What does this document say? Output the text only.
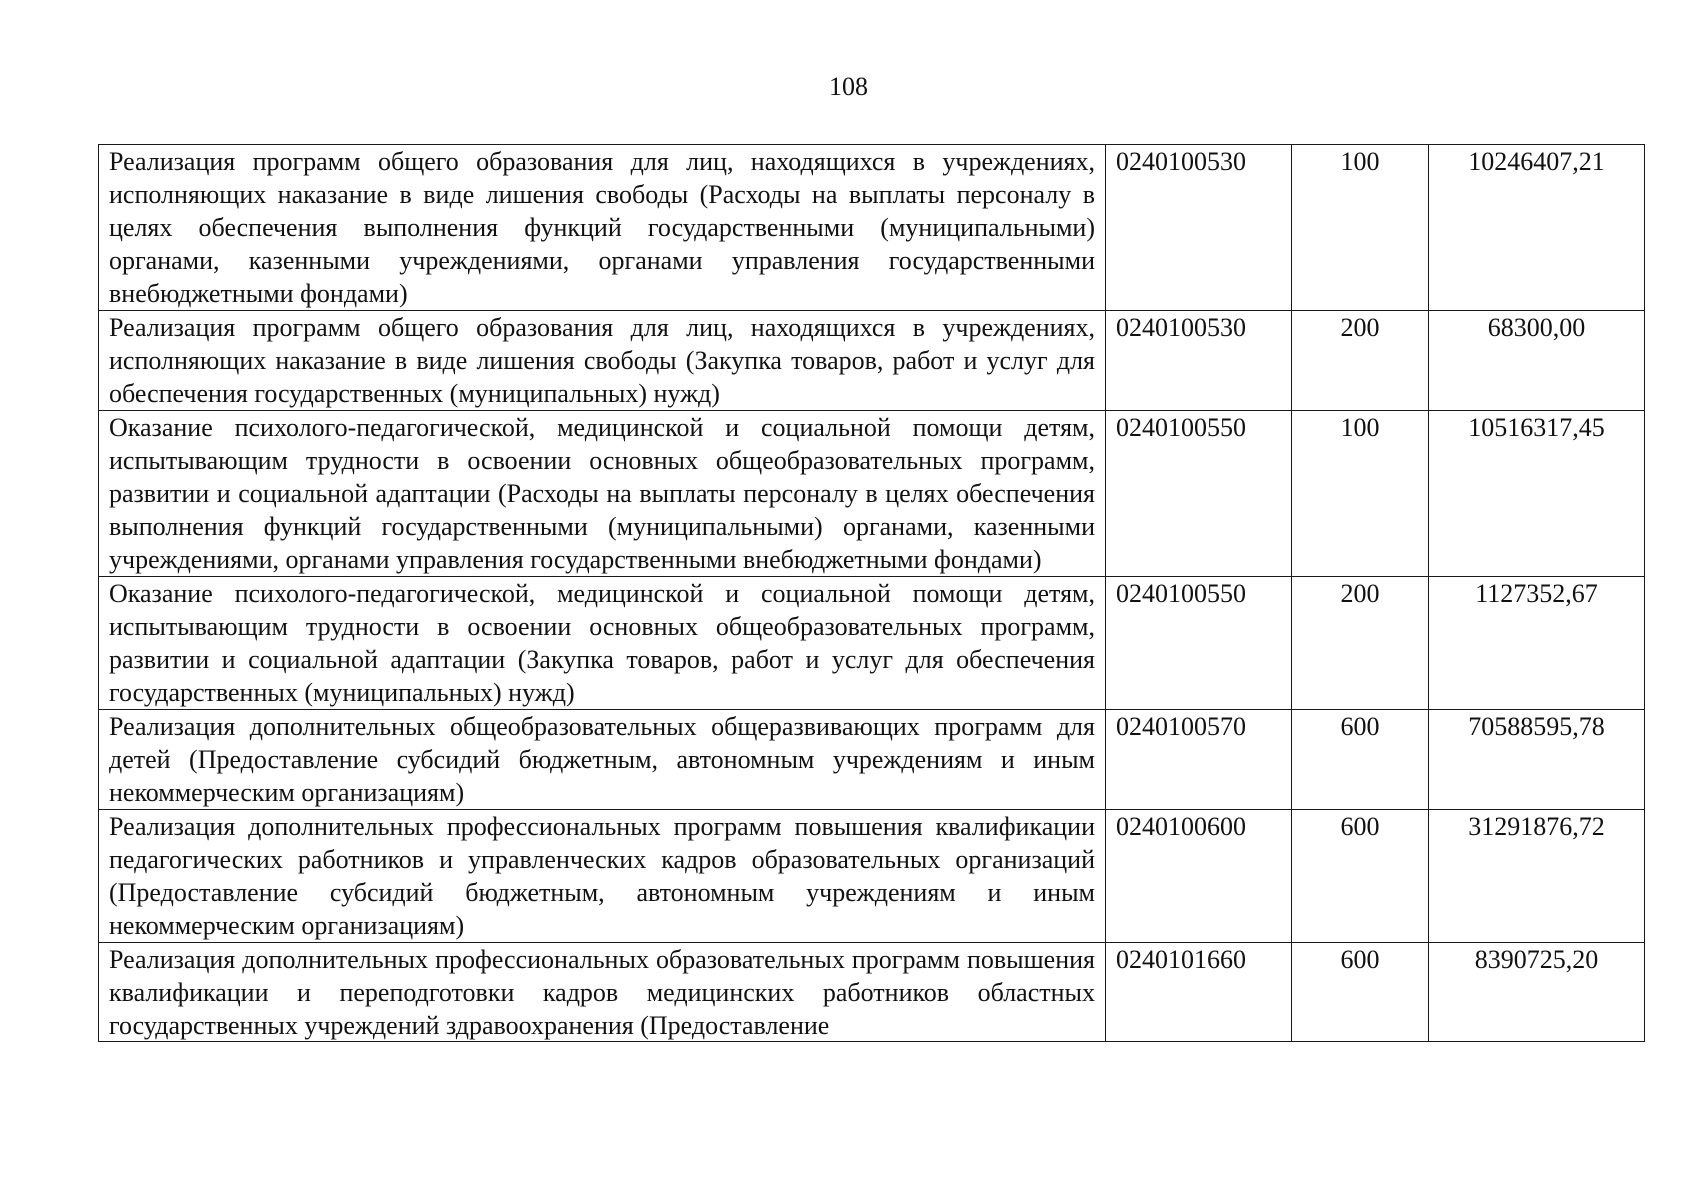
108
Реализация программ общего образования для лиц, находящихся в учреждениях, исполняющих наказание в виде лишения свободы (Расходы на выплаты персоналу в целях обеспечения выполнения функций государственными (муниципальными) органами, казенными учреждениями, органами управления государственными внебюджетными фондами)	0240100530	100	10246407,21
Реализация программ общего образования для лиц, находящихся в учреждениях, исполняющих наказание в виде лишения свободы (Закупка товаров, работ и услуг для обеспечения государственных (муниципальных) нужд)	0240100530	200	68300,00
Оказание психолого-педагогической, медицинской и социальной помощи детям, испытывающим трудности в освоении основных общеобразовательных программ, развитии и социальной адаптации (Расходы на выплаты персоналу в целях обеспечения выполнения функций государственными (муниципальными) органами, казенными учреждениями, органами управления государственными внебюджетными фондами)	0240100550	100	10516317,45
Оказание психолого-педагогической, медицинской и социальной помощи детям, испытывающим трудности в освоении основных общеобразовательных программ, развитии и социальной адаптации (Закупка товаров, работ и услуг для обеспечения государственных (муниципальных) нужд)	0240100550	200	1127352,67
Реализация дополнительных общеобразовательных общеразвивающих программ для детей (Предоставление субсидий бюджетным, автономным учреждениям и иным некоммерческим организациям)	0240100570	600	70588595,78
Реализация дополнительных профессиональных программ повышения квалификации педагогических работников и управленческих кадров образовательных организаций (Предоставление субсидий бюджетным, автономным учреждениям и иным некоммерческим организациям)	0240100600	600	31291876,72

Реализация дополнительных профессиональных образовательных программ повышения квалификации и переподготовки кадров медицинских работников областных государственных учреждений здравоохранения (Предоставление	0240101660	600	8390725,20
